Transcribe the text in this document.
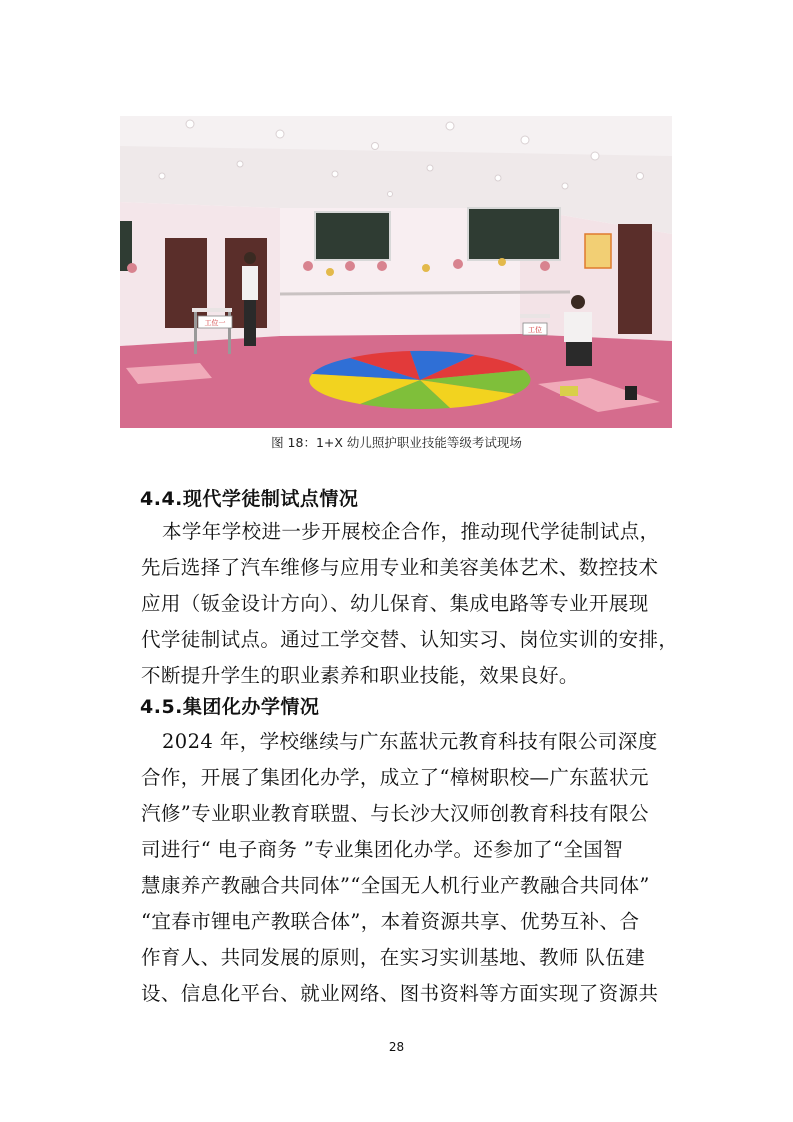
工位一
工位
图 18：1+X 幼儿照护职业技能等级考试现场
4.4.现代学徒制试点情况
本学年学校进一步开展校企合作，推动现代学徒制试点，
先后选择了汽车维修与应用专业和美容美体艺术、数控技术
应用（钣金设计方向）、幼儿保育、集成电路等专业开展现
代学徒制试点。通过工学交替、认知实习、岗位实训的安排，
不断提升学生的职业素养和职业技能，效果良好。
4.5.集团化办学情况
2024 年，学校继续与广东蓝状元教育科技有限公司深度
合作，开展了集团化办学，成立了“樟树职校—广东蓝状元
汽修”专业职业教育联盟、与长沙大汉师创教育科技有限公
司进行“ 电子商务 ”专业集团化办学。还参加了“全国智
慧康养产教融合共同体”“全国无人机行业产教融合共同体”
“宜春市锂电产教联合体”，本着资源共享、优势互补、合
作育人、共同发展的原则，在实习实训基地、教师 队伍建
设、信息化平台、就业网络、图书资料等方面实现了资源共
28
